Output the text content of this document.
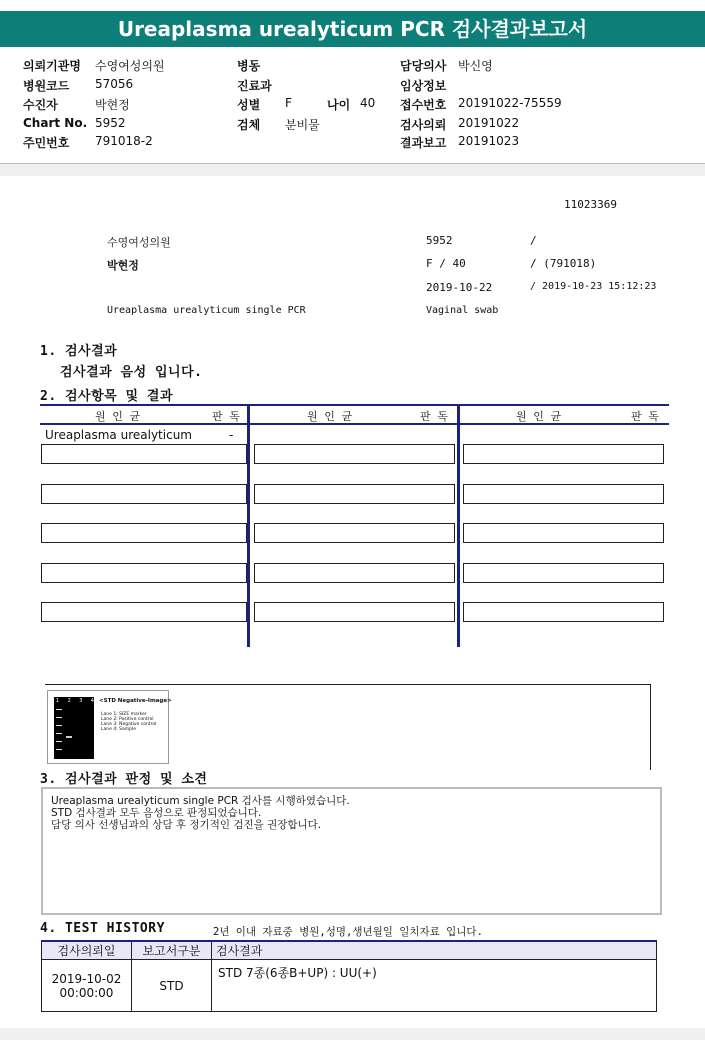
Ureaplasma urealyticum PCR 검사결과보고서
의뢰기관명 수영여성의원
병원코드 57056
수진자	박현정
Chart No. 5952
주민번호 791018-2
병동
진료과
성별 F	나이 40
검체 분비물
담당의사 박신영
임상정보
접수번호 20191022-75559
검사의뢰 20191022
결과보고 20191023
11023369
수영여성의원	5952	/
박현정	F / 40	/ (791018)
2019-10-22	/ 2019-10-23 15:12:23
Ureaplasma urealyticum single PCR	Vaginal swab
1. 검사결과
검사결과 음성 입니다.
2. 검사항목 및 결과
원 인 균	판 독	원 인 균	판 독	원 인 균	판 독
Ureaplasma urealyticum	-
1 2 3 4 <STD Negative-Image>
Lane 1: SIZE marker
Lane 2: Positive control
Lane 3: Negative control
Lane 4: Sample
3. 검사결과 판정 및 소견
Ureaplasma urealyticum single PCR 검사를 시행하였습니다.
STD 검사결과 모두 음성으로 판정되었습니다.
담당 의사 선생님과의 상담 후 정기적인 검진을 권장합니다.
4. TEST HISTORY	2년 이내 자료중 병원,성명,생년월일 일치자료 입니다.
검사의뢰일	보고서구분	검사결과

2019-10-02
00:00:00	STD	STD 7종(6종B+UP) : UU(+)
